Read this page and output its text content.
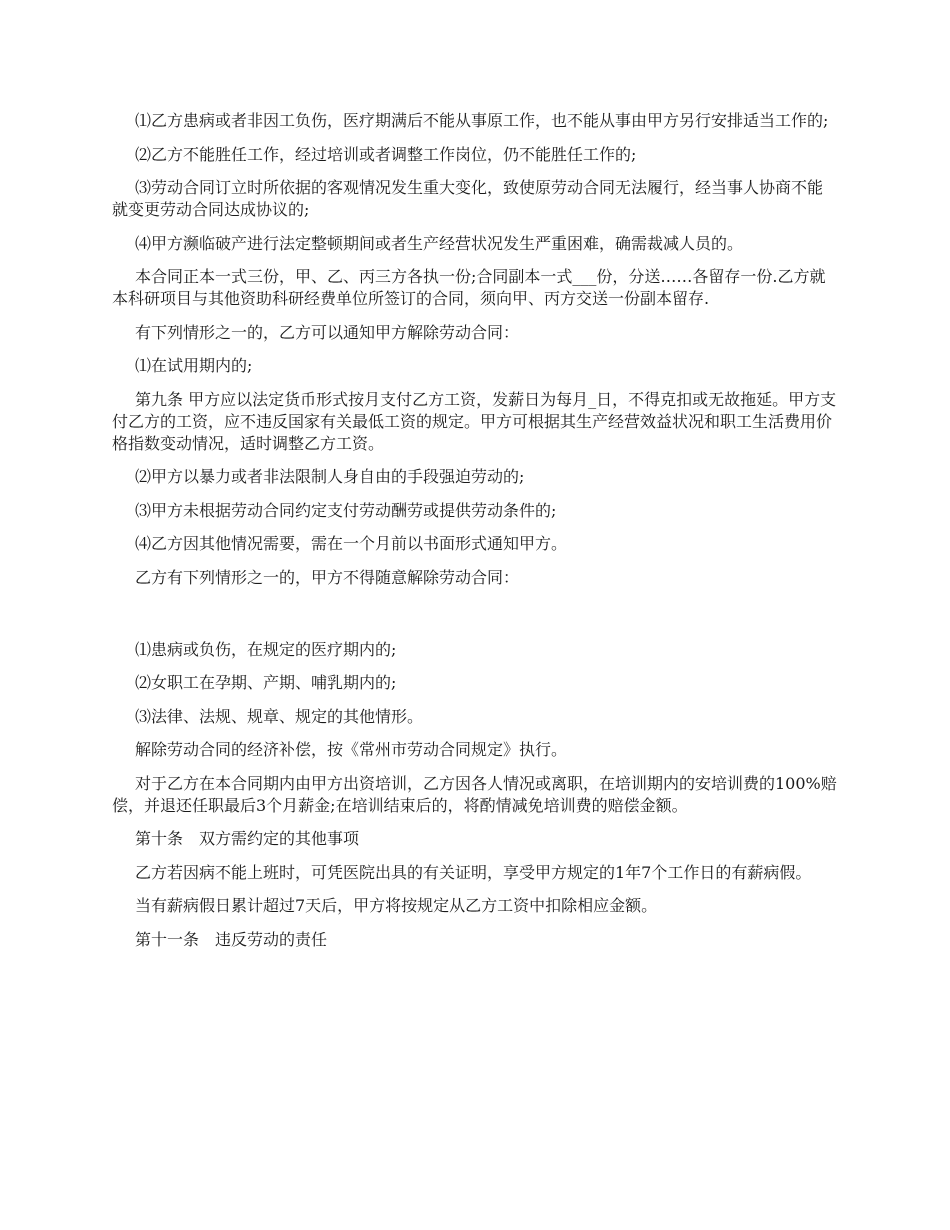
⑴乙方患病或者非因工负伤，医疗期满后不能从事原工作，也不能从事由甲方另行安排适当工作的;

⑵乙方不能胜任工作，经过培训或者调整工作岗位，仍不能胜任工作的;

⑶劳动合同订立时所依据的客观情况发生重大变化，致使原劳动合同无法履行，经当事人协商不能就变更劳动合同达成协议的;

⑷甲方濒临破产进行法定整顿期间或者生产经营状况发生严重困难，确需裁减人员的。

本合同正本一式三份，甲、乙、丙三方各执一份;合同副本一式___份，分送……各留存一份.乙方就本科研项目与其他资助科研经费单位所签订的合同，须向甲、丙方交送一份副本留存.

有下列情形之一的，乙方可以通知甲方解除劳动合同：

⑴在试用期内的;

第九条 甲方应以法定货币形式按月支付乙方工资，发薪日为每月_日，不得克扣或无故拖延。甲方支付乙方的工资，应不违反国家有关最低工资的规定。甲方可根据其生产经营效益状况和职工生活费用价格指数变动情况，适时调整乙方工资。

⑵甲方以暴力或者非法限制人身自由的手段强迫劳动的;

⑶甲方未根据劳动合同约定支付劳动酬劳或提供劳动条件的;

⑷乙方因其他情况需要，需在一个月前以书面形式通知甲方。

乙方有下列情形之一的，甲方不得随意解除劳动合同：

⑴患病或负伤，在规定的医疗期内的;

⑵女职工在孕期、产期、哺乳期内的;

⑶法律、法规、规章、规定的其他情形。

解除劳动合同的经济补偿，按《常州市劳动合同规定》执行。

对于乙方在本合同期内由甲方出资培训，乙方因各人情况或离职，在培训期内的安培训费的100%赔偿，并退还任职最后3个月薪金;在培训结束后的，将酌情减免培训费的赔偿金额。

第十条　双方需约定的其他事项

乙方若因病不能上班时，可凭医院出具的有关证明，享受甲方规定的1年7个工作日的有薪病假。

当有薪病假日累计超过7天后，甲方将按规定从乙方工资中扣除相应金额。

第十一条　违反劳动的责任
